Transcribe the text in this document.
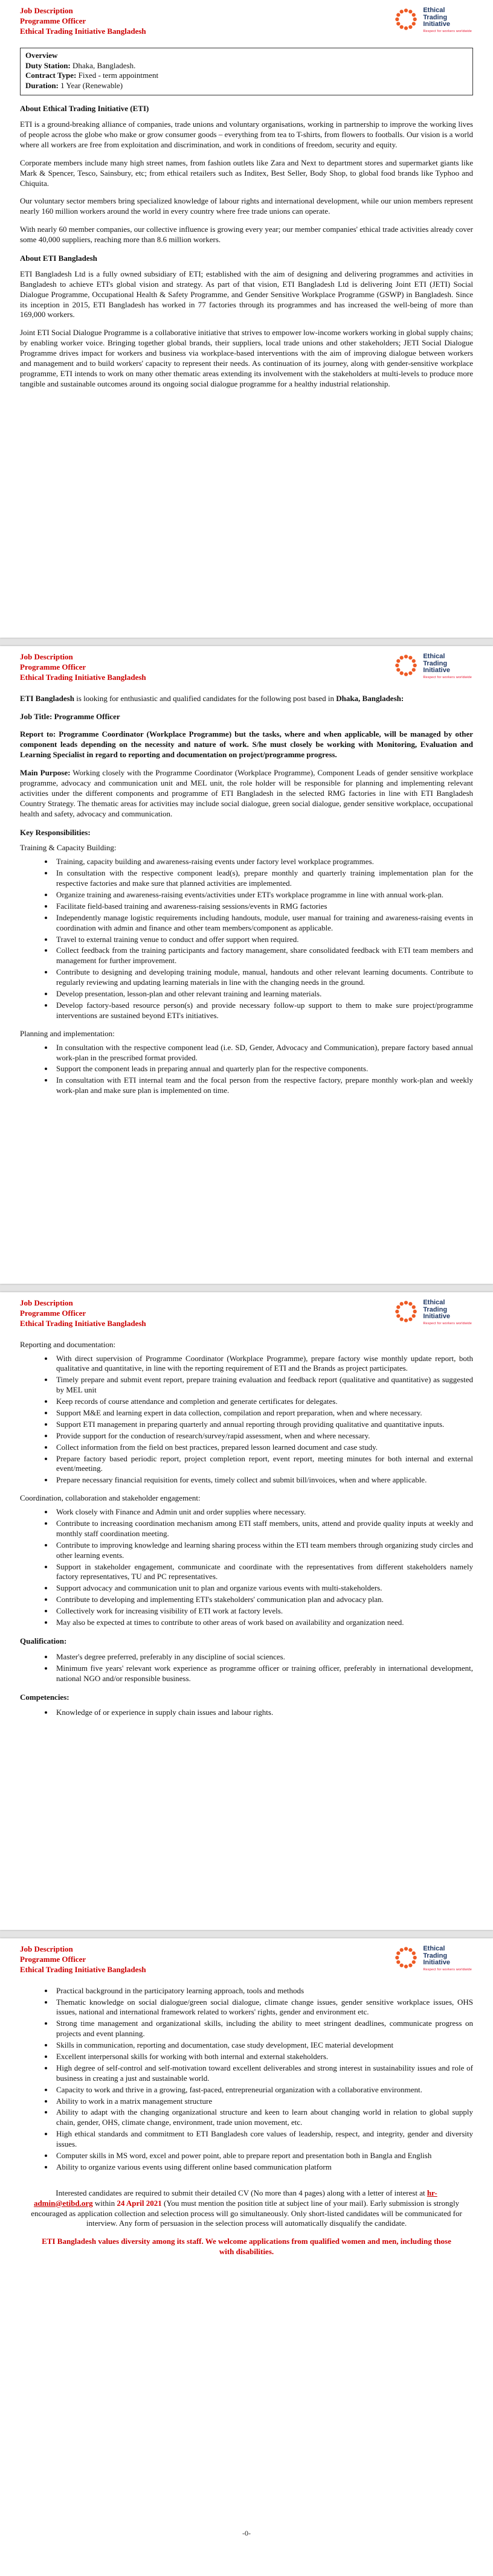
Job Description
Programme Officer
Ethical Trading Initiative Bangladesh
Ethical
Trading
Initiative
Respect for workers worldwide
Overview
Duty Station: Dhaka, Bangladesh.
Contract Type: Fixed - term appointment
Duration: 1 Year (Renewable)
About Ethical Trading Initiative (ETI)

ETI is a ground-breaking alliance of companies, trade unions and voluntary organisations, working in partnership to improve the working lives of people across the globe who make or grow consumer goods – everything from tea to T-shirts, from flowers to footballs. Our vision is a world where all workers are free from exploitation and discrimination, and work in conditions of freedom, security and equity.

Corporate members include many high street names, from fashion outlets like Zara and Next to department stores and supermarket giants like Mark & Spencer, Tesco, Sainsbury, etc; from ethical retailers such as Inditex, Best Seller, Body Shop, to global food brands like Typhoo and Chiquita.

Our voluntary sector members bring specialized knowledge of labour rights and international development, while our union members represent nearly 160 million workers around the world in every country where free trade unions can operate.

With nearly 60 member companies, our collective influence is growing every year; our member companies' ethical trade activities already cover some 40,000 suppliers, reaching more than 8.6 million workers.

About ETI Bangladesh

ETI Bangladesh Ltd is a fully owned subsidiary of ETI; established with the aim of designing and delivering programmes and activities in Bangladesh to achieve ETI's global vision and strategy. As part of that vision, ETI Bangladesh Ltd is delivering Joint ETI (JETI) Social Dialogue Programme, Occupational Health & Safety Programme, and Gender Sensitive Workplace Programme (GSWP) in Bangladesh. Since its inception in 2015, ETI Bangladesh has worked in 77 factories through its programmes and has increased the well-being of more than 169,000 workers.

Joint ETI Social Dialogue Programme is a collaborative initiative that strives to empower low-income workers working in global supply chains; by enabling worker voice. Bringing together global brands, their suppliers, local trade unions and other stakeholders; JETI Social Dialogue Programme drives impact for workers and business via workplace-based interventions with the aim of improving dialogue between workers and management and to build workers' capacity to represent their needs. As continuation of its journey, along with gender-sensitive workplace programme, ETI intends to work on many other thematic areas extending its involvement with the stakeholders at multi-levels to produce more tangible and sustainable outcomes around its ongoing social dialogue programme for a healthy industrial relationship.

Job Description
Programme Officer
Ethical Trading Initiative Bangladesh
Ethical
Trading
Initiative
Respect for workers worldwide

ETI Bangladesh is looking for enthusiastic and qualified candidates for the following post based in Dhaka, Bangladesh:

Job Title: Programme Officer

Report to: Programme Coordinator (Workplace Programme) but the tasks, where and when applicable, will be managed by other component leads depending on the necessity and nature of work. S/he must closely be working with Monitoring, Evaluation and Learning Specialist in regard to reporting and documentation on project/programme progress.

Main Purpose: Working closely with the Programme Coordinator (Workplace Programme), Component Leads of gender sensitive workplace programme, advocacy and communication unit and MEL unit, the role holder will be responsible for planning and implementing relevant activities under the different components and programme of ETI Bangladesh in the selected RMG factories in line with ETI Bangladesh Country Strategy. The thematic areas for activities may include social dialogue, green social dialogue, gender sensitive workplace, occupational health and safety, advocacy and communication.

Key Responsibilities:
Training & Capacity Building:
• Training, capacity building and awareness-raising events under factory level workplace programmes.
• In consultation with the respective component lead(s), prepare monthly and quarterly training implementation plan for the respective factories and make sure that planned activities are implemented.
• Organize training and awareness-raising events/activities under ETI's workplace programme in line with annual work-plan.
• Facilitate field-based training and awareness-raising sessions/events in RMG factories
• Independently manage logistic requirements including handouts, module, user manual for training and awareness-raising events in coordination with admin and finance and other team members/component as applicable.
• Travel to external training venue to conduct and offer support when required.
• Collect feedback from the training participants and factory management, share consolidated feedback with ETI team members and management for further improvement.
• Contribute to designing and developing training module, manual, handouts and other relevant learning documents. Contribute to regularly reviewing and updating learning materials in line with the changing needs in the ground.
• Develop presentation, lesson-plan and other relevant training and learning materials.
• Develop factory-based resource person(s) and provide necessary follow-up support to them to make sure project/programme interventions are sustained beyond ETI's initiatives.
Planning and implementation:
• In consultation with the respective component lead (i.e. SD, Gender, Advocacy and Communication), prepare factory based annual work-plan in the prescribed format provided.
• Support the component leads in preparing annual and quarterly plan for the respective components.
• In consultation with ETI internal team and the focal person from the respective factory, prepare monthly work-plan and weekly work-plan and make sure plan is implemented on time.
Job Description
Programme Officer
Ethical Trading Initiative Bangladesh
Ethical
Trading
Initiative
Respect for workers worldwide
Reporting and documentation:
• With direct supervision of Programme Coordinator (Workplace Programme), prepare factory wise monthly update report, both qualitative and quantitative, in line with the reporting requirement of ETI and the Brands as project participates.
• Timely prepare and submit event report, prepare training evaluation and feedback report (qualitative and quantitative) as suggested by MEL unit
• Keep records of course attendance and completion and generate certificates for delegates.
• Support M&E and learning expert in data collection, compilation and report preparation, when and where necessary.
• Support ETI management in preparing quarterly and annual reporting through providing qualitative and quantitative inputs.
• Provide support for the conduction of research/survey/rapid assessment, when and where necessary.
• Collect information from the field on best practices, prepared lesson learned document and case study.
• Prepare factory based periodic report, project completion report, event report, meeting minutes for both internal and external event/meeting.
• Prepare necessary financial requisition for events, timely collect and submit bill/invoices, when and where applicable.
Coordination, collaboration and stakeholder engagement:
• Work closely with Finance and Admin unit and order supplies where necessary.
• Contribute to increasing coordination mechanism among ETI staff members, units, attend and provide quality inputs at weekly and monthly staff coordination meeting.
• Contribute to improving knowledge and learning sharing process within the ETI team members through organizing study circles and other learning events.
• Support in stakeholder engagement, communicate and coordinate with the representatives from different stakeholders namely factory representatives, TU and PC representatives.
• Support advocacy and communication unit to plan and organize various events with multi-stakeholders.
• Contribute to developing and implementing ETI's stakeholders' communication plan and advocacy plan.
• Collectively work for increasing visibility of ETI work at factory levels.
• May also be expected at times to contribute to other areas of work based on availability and organization need.
Qualification:
• Master's degree preferred, preferably in any discipline of social sciences.
• Minimum five years' relevant work experience as programme officer or training officer, preferably in international development, national NGO and/or responsible business.
Competencies:
• Knowledge of or experience in supply chain issues and labour rights.
Job Description
Programme Officer
Ethical Trading Initiative Bangladesh
Ethical
Trading
Initiative
Respect for workers worldwide
• Practical background in the participatory learning approach, tools and methods
• Thematic knowledge on social dialogue/green social dialogue, climate change issues, gender sensitive workplace issues, OHS issues, national and international framework related to workers' rights, gender and environment etc.
• Strong time management and organizational skills, including the ability to meet stringent deadlines, communicate progress on projects and event planning.
• Skills in communication, reporting and documentation, case study development, IEC material development
• Excellent interpersonal skills for working with both internal and external stakeholders.
• High degree of self-control and self-motivation toward excellent deliverables and strong interest in sustainability issues and role of business in creating a just and sustainable world.
• Capacity to work and thrive in a growing, fast-paced, entrepreneurial organization with a collaborative environment.
• Ability to work in a matrix management structure
• Ability to adapt with the changing organizational structure and keen to learn about changing world in relation to global supply chain, gender, OHS, climate change, environment, trade union movement, etc.
• High ethical standards and commitment to ETI Bangladesh core values of leadership, respect, and integrity, gender and diversity issues.
• Computer skills in MS word, excel and power point, able to prepare report and presentation both in Bangla and English
• Ability to organize various events using different online based communication platform

Interested candidates are required to submit their detailed CV (No more than 4 pages) along with a letter of interest at hr-admin@etibd.org within 24 April 2021 (You must mention the position title at subject line of your mail). Early submission is strongly encouraged as application collection and selection process will go simultaneously. Only short-listed candidates will be communicated for interview. Any form of persuasion in the selection process will automatically disqualify the candidate.

ETI Bangladesh values diversity among its staff. We welcome applications from qualified women and men, including those with disabilities.

-0-
